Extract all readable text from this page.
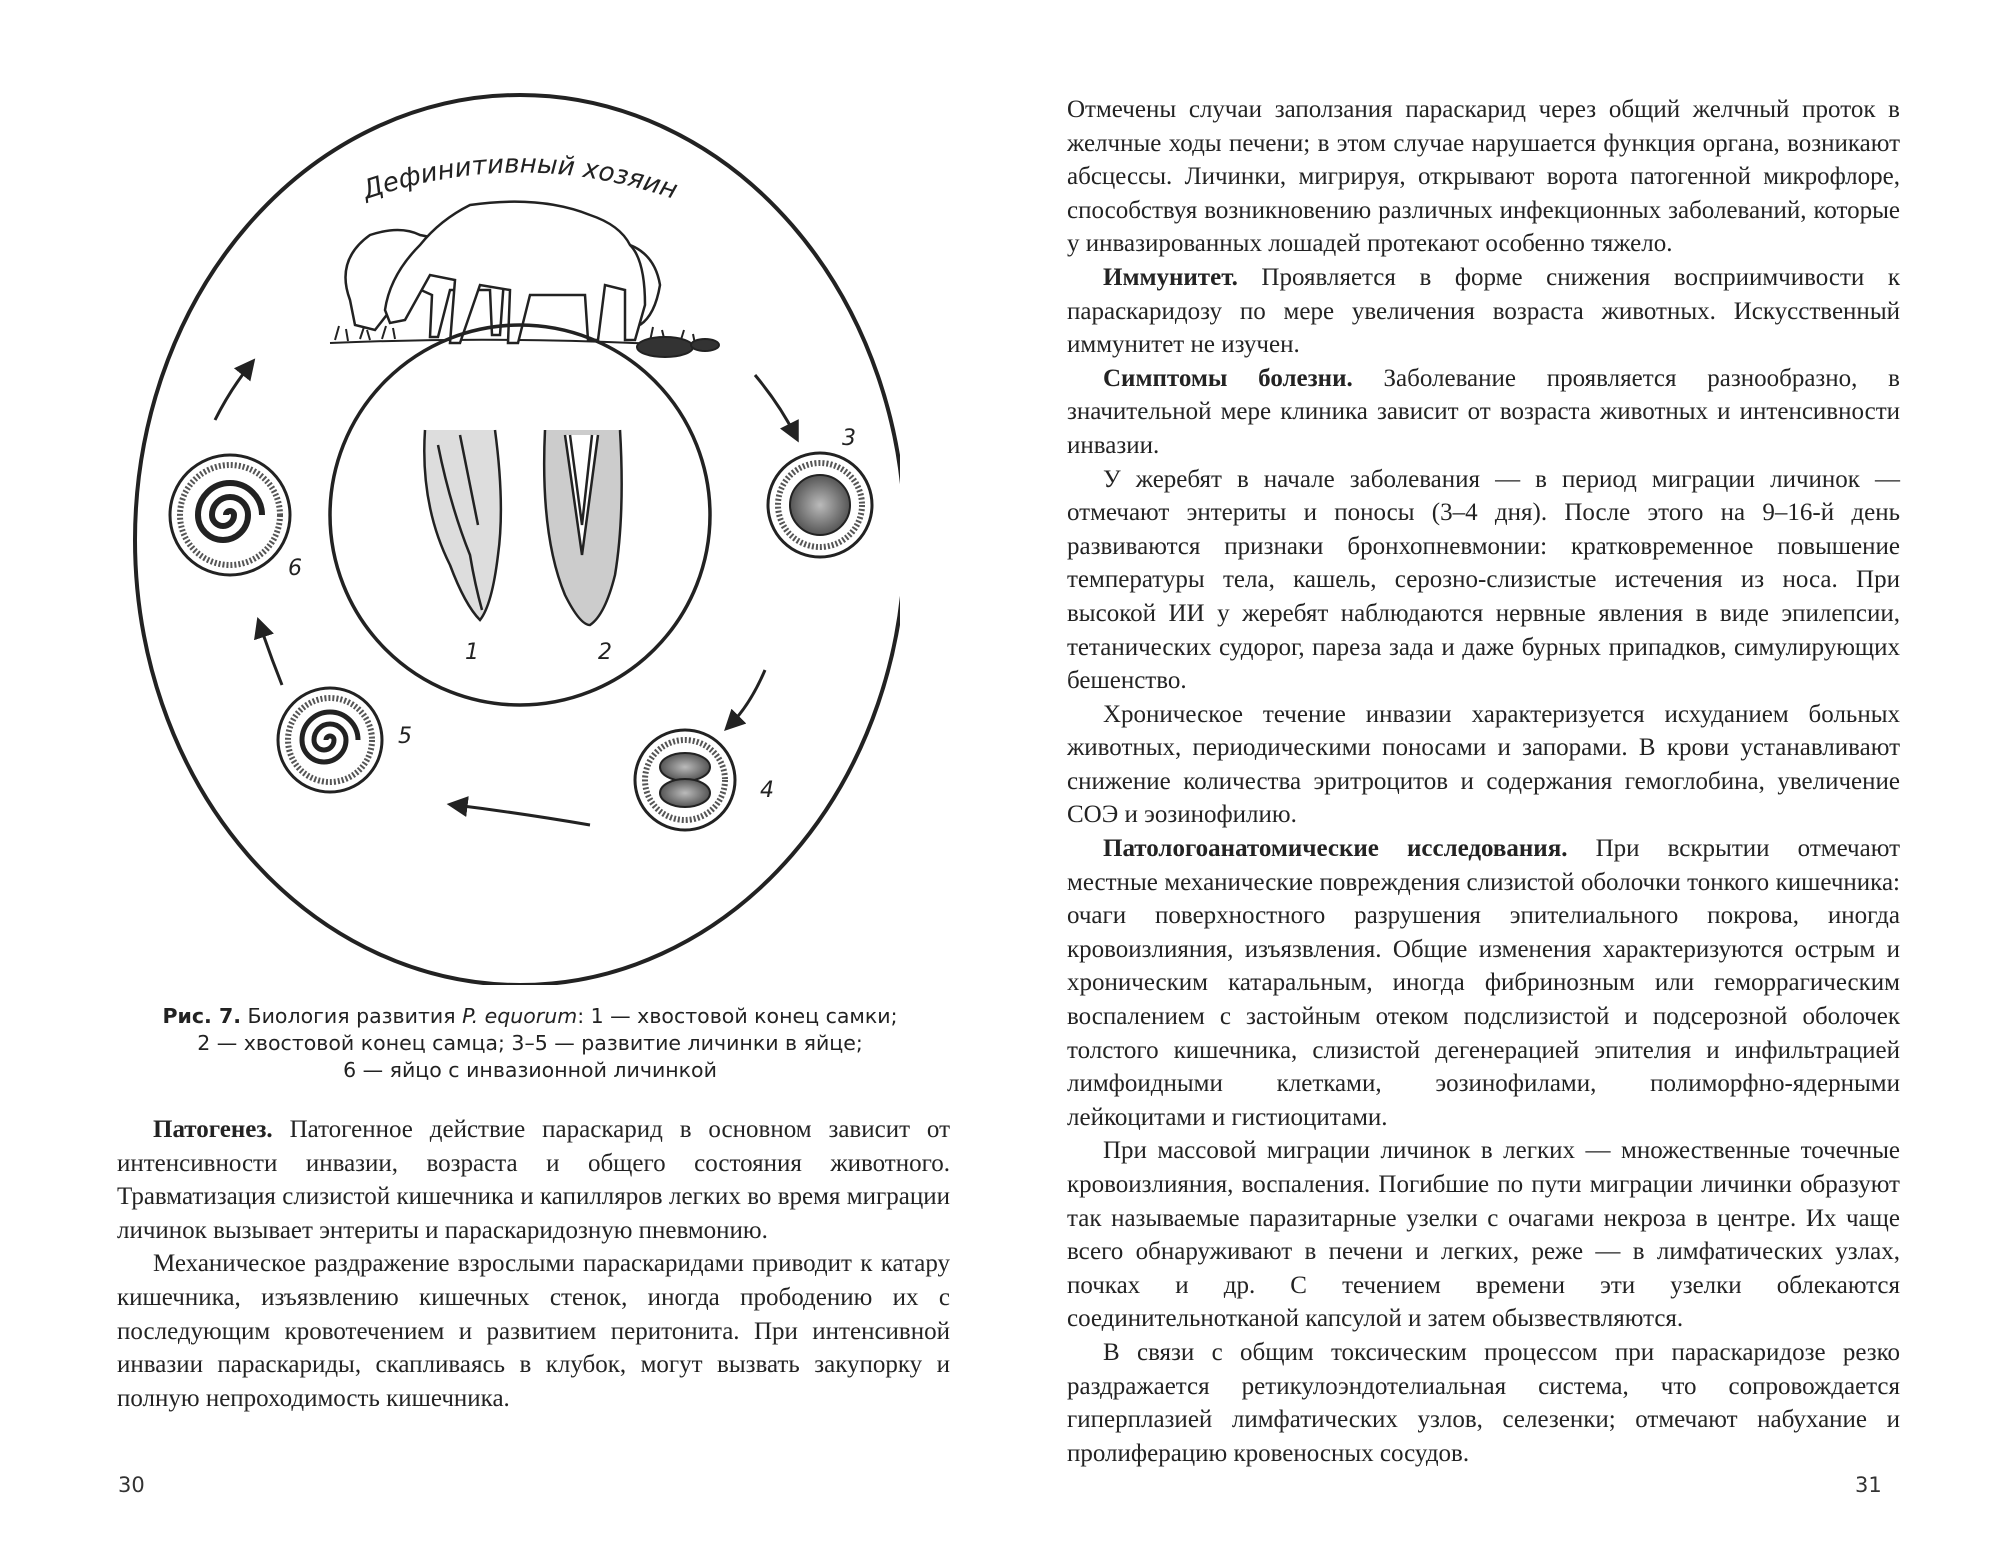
Дефинитивный хозяин
1	2
3
4
5
6
Рис. 7. Биология развития P. equorum: 1 — хвостовой конец самки;
2 — хвостовой конец самца; 3–5 — развитие личинки в яйце;
6 — яйцо с инвазионной личинкой

Патогенез. Патогенное действие параскарид в основном зависит от интенсивности инвазии, возраста и общего состояния животного. Травматизация слизистой кишечника и капилляров легких во время миграции личинок вызывает энтериты и параскаридозную пневмонию.

Механическое раздражение взрослыми параскаридами приводит к катару кишечника, изъязвлению кишечных стенок, иногда прободению их с последующим кровотечением и развитием перитонита. При интенсивной инвазии параскариды, скапливаясь в клубок, могут вызвать закупорку и полную непроходимость кишечника.

30

Отмечены случаи заползания параскарид через общий желчный проток в желчные ходы печени; в этом случае нарушается функция органа, возникают абсцессы. Личинки, мигрируя, открывают ворота патогенной микрофлоре, способствуя возникновению различных инфекционных заболеваний, которые у инвазированных лошадей протекают особенно тяжело.

Иммунитет. Проявляется в форме снижения восприимчивости к параскаридозу по мере увеличения возраста животных. Искусственный иммунитет не изучен.

Симптомы болезни. Заболевание проявляется разнообразно, в значительной мере клиника зависит от возраста животных и интенсивности инвазии.

У жеребят в начале заболевания — в период миграции личинок — отмечают энтериты и поносы (3–4 дня). После этого на 9–16-й день развиваются признаки бронхопневмонии: кратковременное повышение температуры тела, кашель, серозно-слизистые истечения из носа. При высокой ИИ у жеребят наблюдаются нервные явления в виде эпилепсии, тетанических судорог, пареза зада и даже бурных припадков, симулирующих бешенство.

Хроническое течение инвазии характеризуется исхуданием больных животных, периодическими поносами и запорами. В крови устанавливают снижение количества эритроцитов и содержания гемоглобина, увеличение СОЭ и эозинофилию.

Патологоанатомические исследования. При вскрытии отмечают местные механические повреждения слизистой оболочки тонкого кишечника: очаги поверхностного разрушения эпителиального покрова, иногда кровоизлияния, изъязвления. Общие изменения характеризуются острым и хроническим катаральным, иногда фибринозным или геморрагическим воспалением с застойным отеком подслизистой и подсерозной оболочек толстого кишечника, слизистой дегенерацией эпителия и инфильтрацией лимфоидными клетками, эозинофилами, полиморфно-ядерными лейкоцитами и гистиоцитами.

При массовой миграции личинок в легких — множественные точечные кровоизлияния, воспаления. Погибшие по пути миграции личинки образуют так называемые паразитарные узелки с очагами некроза в центре. Их чаще всего обнаруживают в печени и легких, реже — в лимфатических узлах, почках и др. С течением времени эти узелки облекаются соединительнотканой капсулой и затем обызвествляются.

В связи с общим токсическим процессом при параскаридозе резко раздражается ретикулоэндотелиальная система, что сопровождается гиперплазией лимфатических узлов, селезенки; отмечают набухание и пролиферацию кровеносных сосудов.

31
